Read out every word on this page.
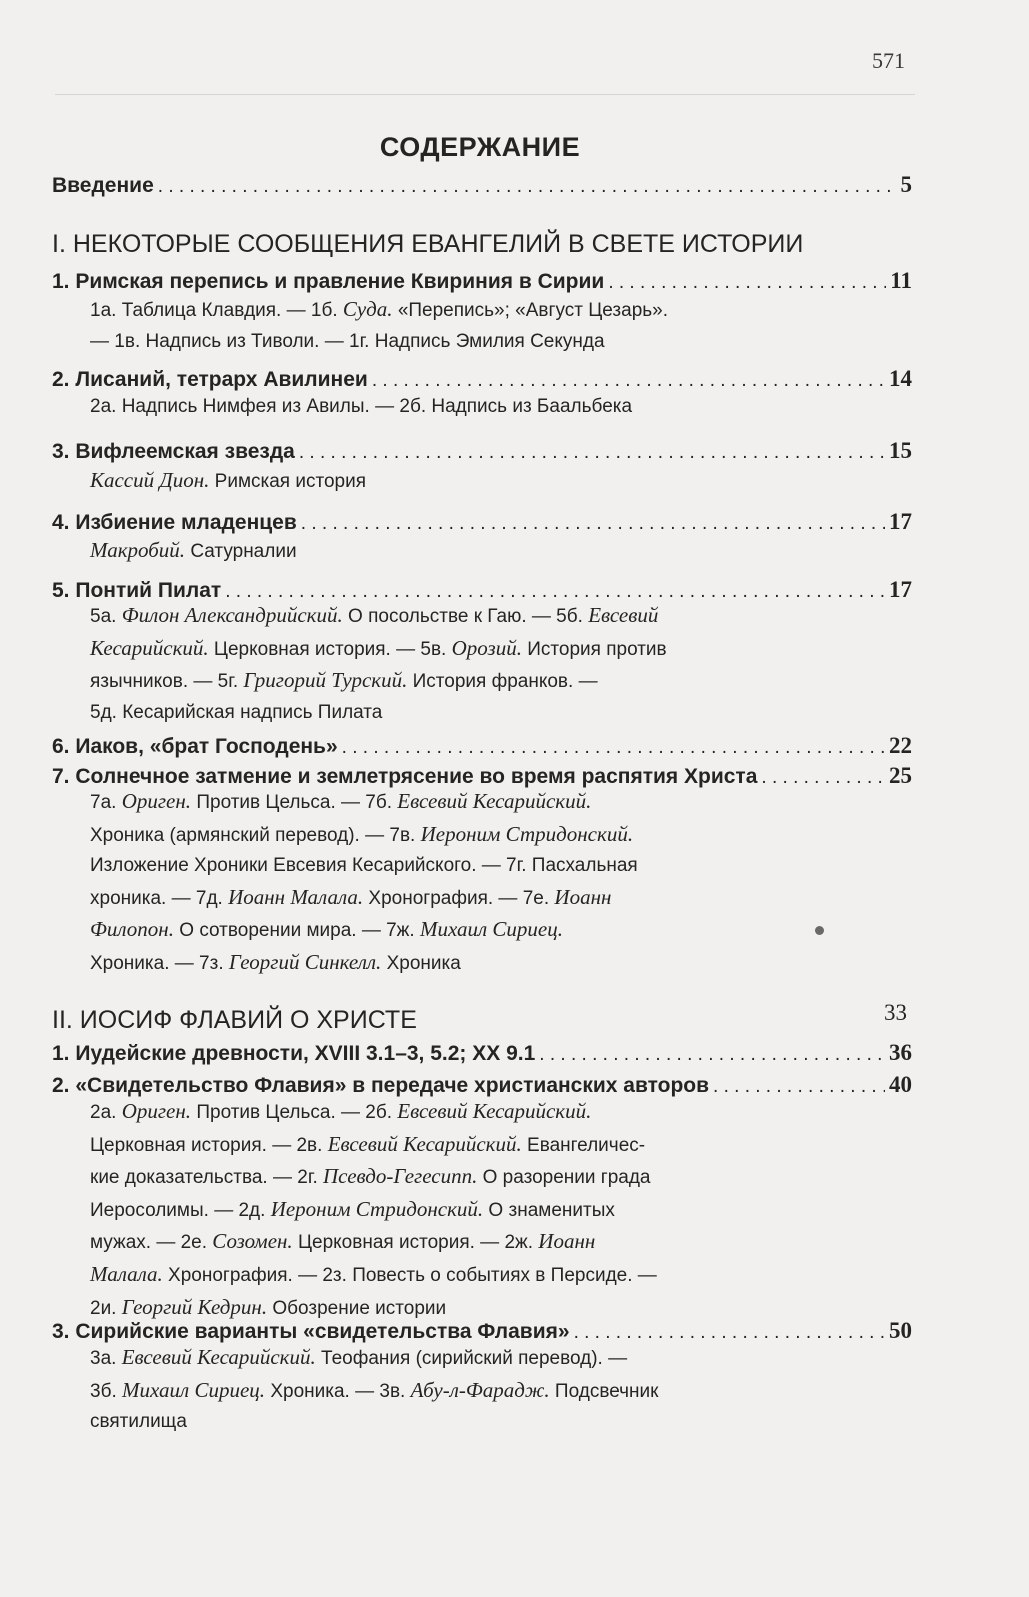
571
СОДЕРЖАНИЕ
Введение . . .	5
I. НЕКОТОРЫЕ СООБЩЕНИЯ ЕВАНГЕЛИЙ В СВЕТЕ ИСТОРИИ
1. Римская перепись и правление Квириния в Сирии . . .	11
1а. Таблица Клавдия. — 1б. Суда. «Перепись»; «Август Цезарь».
— 1в. Надпись из Тиволи. — 1г. Надпись Эмилия Секунда
2. Лисаний, тетрарх Авилинеи . . .	14
2а. Надпись Нимфея из Авилы. — 2б. Надпись из Баальбека
3. Вифлеемская звезда . . .	15
Кассий Дион. Римская история
4. Избиение младенцев . . .	17
Макробий. Сатурналии
5. Понтий Пилат . . .	17
5а. Филон Александрийский. О посольстве к Гаю. — 5б. Евсевий
Кесарийский. Церковная история. — 5в. Орозий. История против
язычников. — 5г. Григорий Турский. История франков. —
5д. Кесарийская надпись Пилата
6. Иаков, «брат Господень» . . .	22
7. Солнечное затмение и землетрясение во время распятия Христа . . .	25
7а. Ориген. Против Цельса. — 7б. Евсевий Кесарийский.
Хроника (армянский перевод). — 7в. Иероним Стридонский.
Изложение Хроники Евсевия Кесарийского. — 7г. Пасхальная
хроника. — 7д. Иоанн Малала. Хронография. — 7е. Иоанн
Филопон. О сотворении мира. — 7ж. Михаил Сириец.
Хроника. — 7з. Георгий Синкелл. Хроника
II. ИОСИФ ФЛАВИЙ О ХРИСТЕ	33
1. Иудейские древности, XVIII 3.1–3, 5.2; XX 9.1 . . .	36
2. «Свидетельство Флавия» в передаче христианских авторов . . .	40
2а. Ориген. Против Цельса. — 2б. Евсевий Кесарийский.
Церковная история. — 2в. Евсевий Кесарийский. Евангеличес-
кие доказательства. — 2г. Псевдо-Гегесипп. О разорении града
Иеросолимы. — 2д. Иероним Стридонский. О знаменитых
мужах. — 2е. Созомен. Церковная история. — 2ж. Иоанн
Малала. Хронография. — 2з. Повесть о событиях в Персиде. —
2и. Георгий Кедрин. Обозрение истории
3. Сирийские варианты «свидетельства Флавия» . . .	50
3а. Евсевий Кесарийский. Теофания (сирийский перевод). —
3б. Михаил Сириец. Хроника. — 3в. Абу-л-Фарадж. Подсвечник
святилища
